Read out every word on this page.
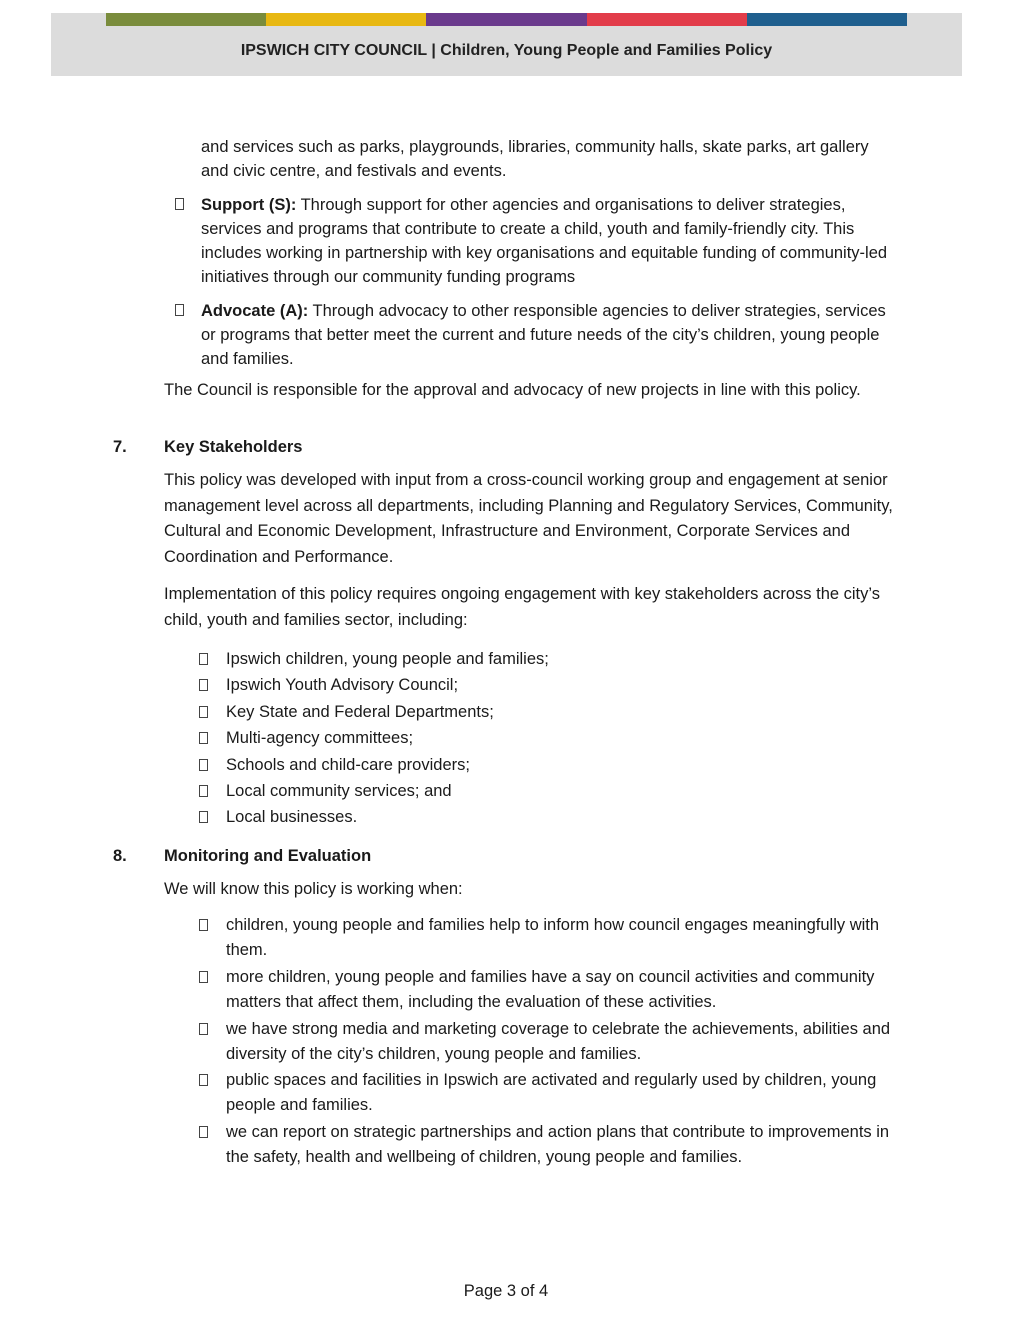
IPSWICH CITY COUNCIL | Children, Young People and Families Policy
and services such as parks, playgrounds, libraries, community halls, skate parks, art gallery and civic centre, and festivals and events.
Support (S): Through support for other agencies and organisations to deliver strategies, services and programs that contribute to create a child, youth and family-friendly city. This includes working in partnership with key organisations and equitable funding of community-led initiatives through our community funding programs
Advocate (A): Through advocacy to other responsible agencies to deliver strategies, services or programs that better meet the current and future needs of the city’s children, young people and families.
The Council is responsible for the approval and advocacy of new projects in line with this policy.
7. Key Stakeholders
This policy was developed with input from a cross-council working group and engagement at senior management level across all departments, including Planning and Regulatory Services, Community, Cultural and Economic Development, Infrastructure and Environment, Corporate Services and Coordination and Performance.
Implementation of this policy requires ongoing engagement with key stakeholders across the city’s child, youth and families sector, including:
Ipswich children, young people and families;
Ipswich Youth Advisory Council;
Key State and Federal Departments;
Multi-agency committees;
Schools and child-care providers;
Local community services; and
Local businesses.
8. Monitoring and Evaluation
We will know this policy is working when:
children, young people and families help to inform how council engages meaningfully with them.
more children, young people and families have a say on council activities and community matters that affect them, including the evaluation of these activities.
we have strong media and marketing coverage to celebrate the achievements, abilities and diversity of the city’s children, young people and families.
public spaces and facilities in Ipswich are activated and regularly used by children, young people and families.
we can report on strategic partnerships and action plans that contribute to improvements in the safety, health and wellbeing of children, young people and families.
Page 3 of 4
